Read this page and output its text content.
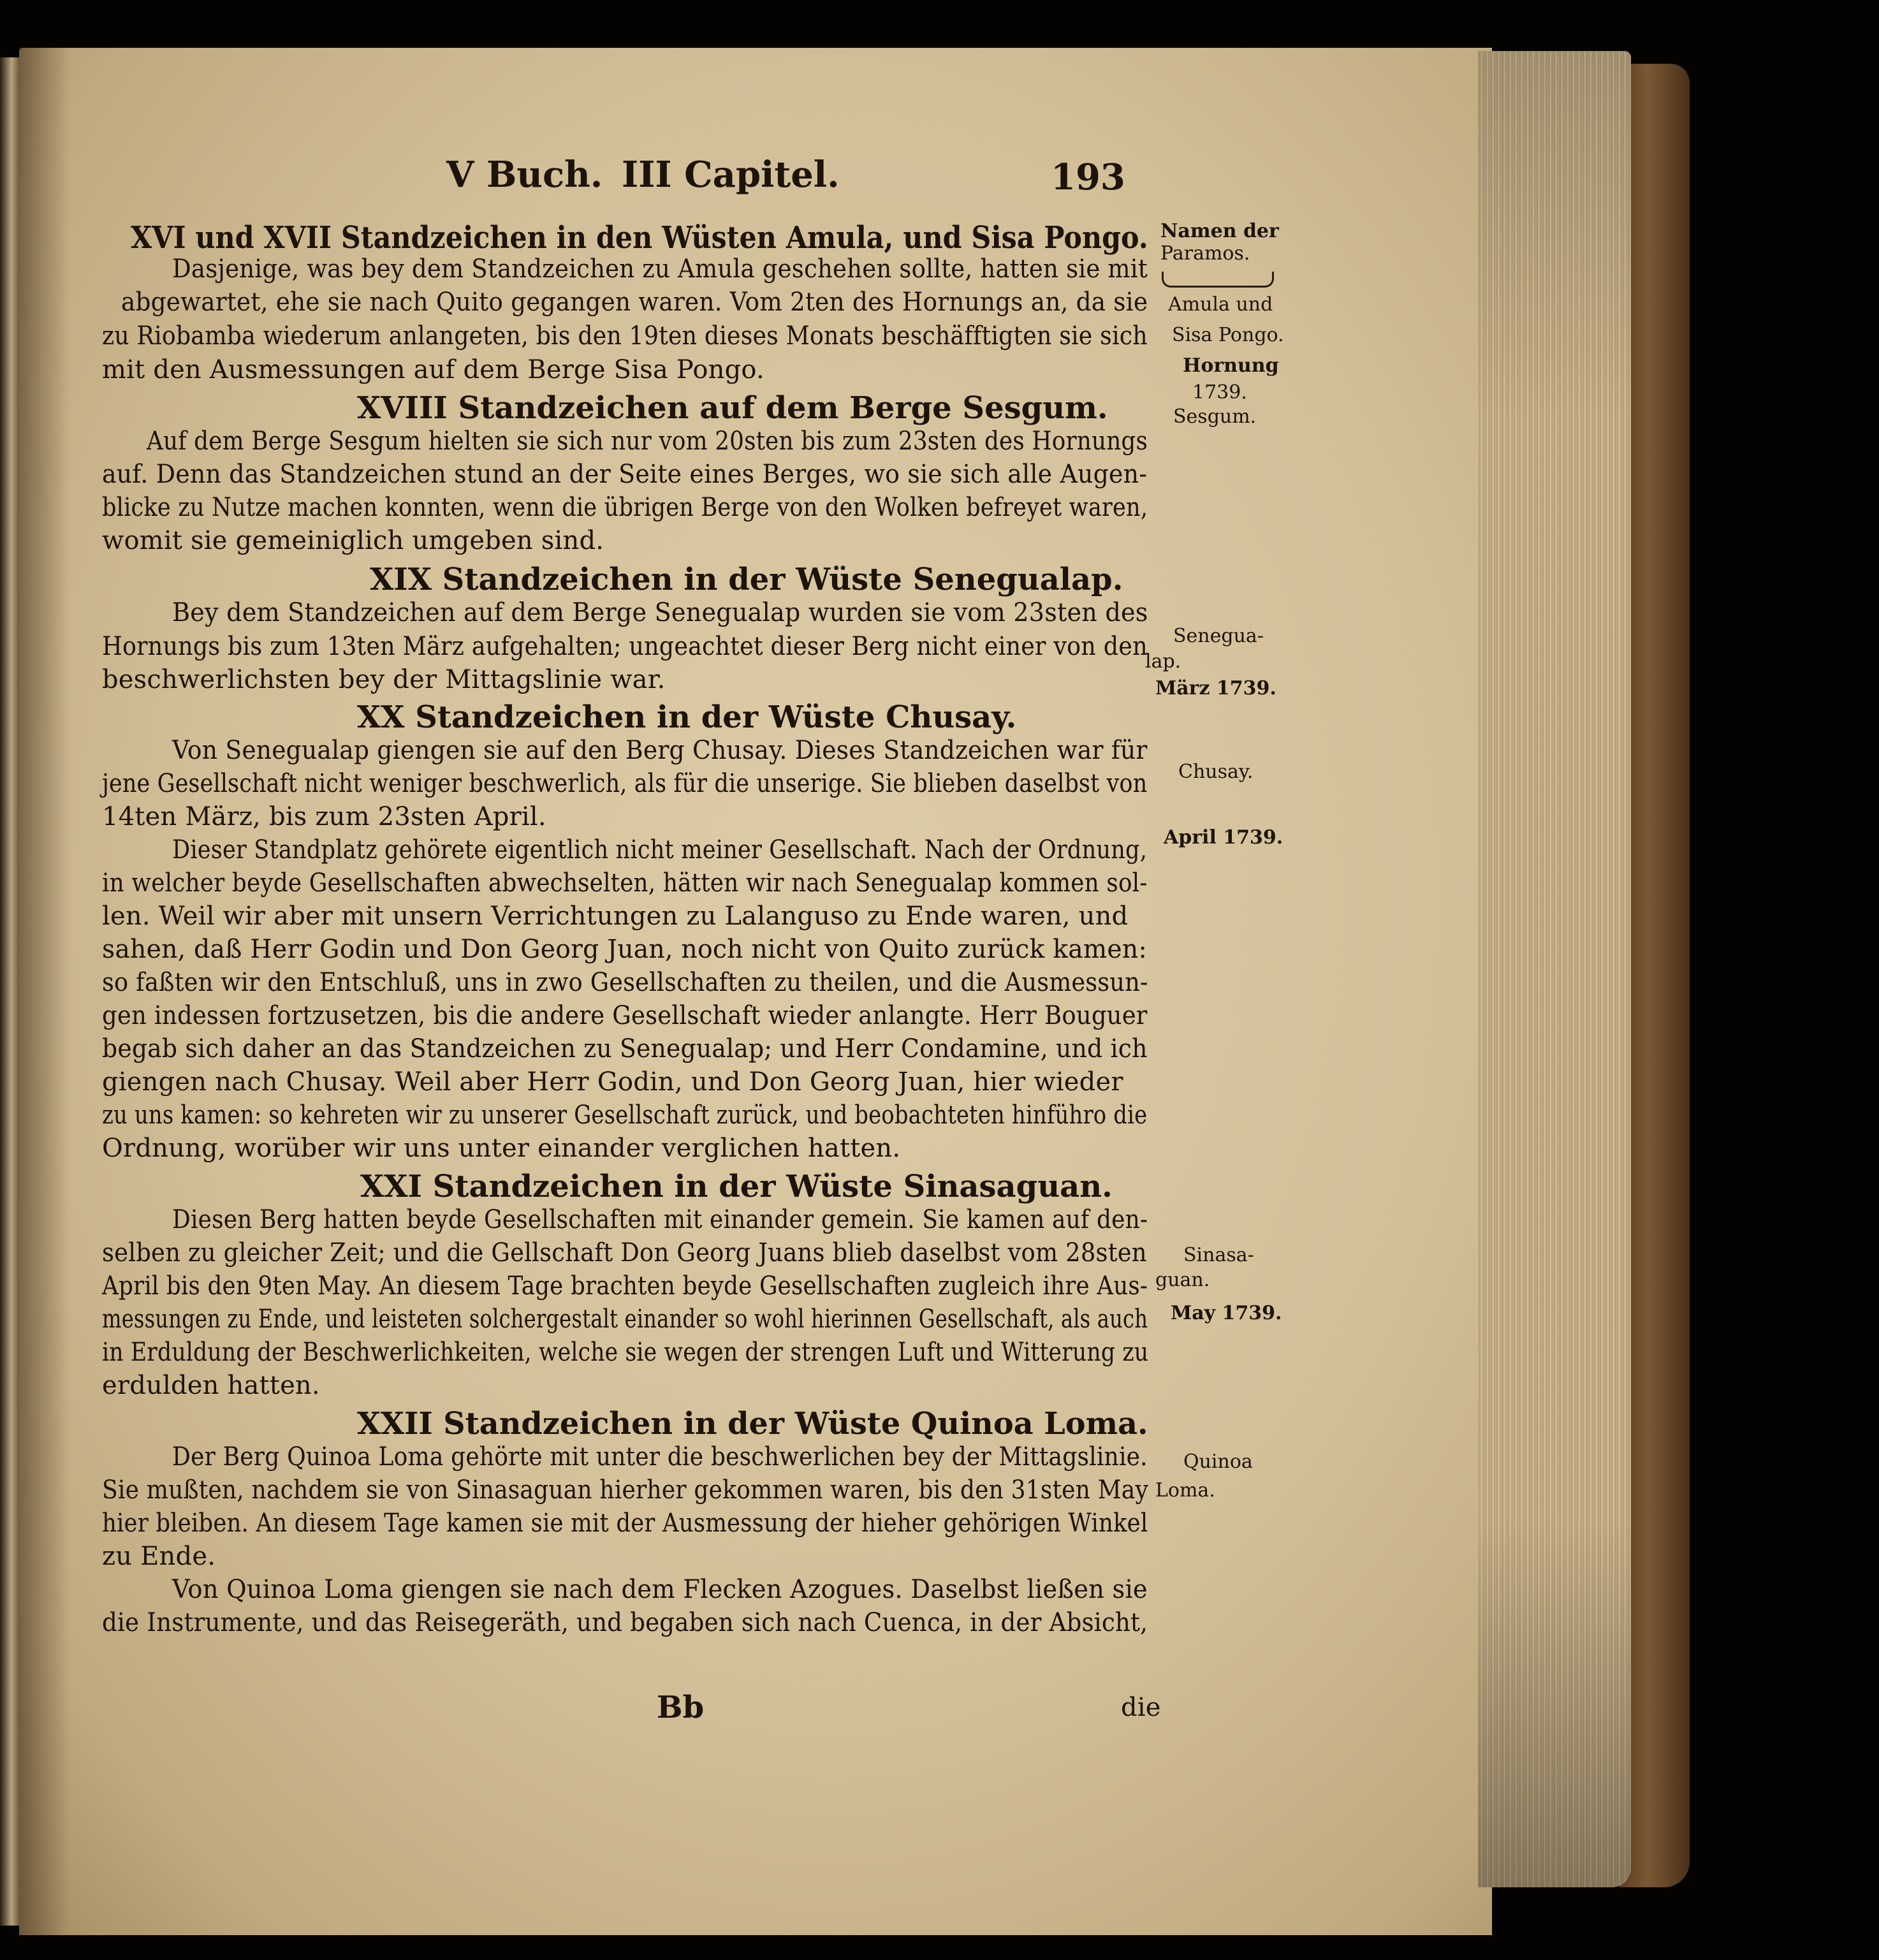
V Buch. III Capitel.	193
XVI und XVII Standzeichen in den Wüsten Amula, und Sisa Pongo.
Dasjenige, was bey dem Standzeichen zu Amula geschehen sollte, hatten sie mit
abgewartet, ehe sie nach Quito gegangen waren. Vom 2ten des Hornungs an, da sie
zu Riobamba wiederum anlangeten, bis den 19ten dieses Monats beschäfftigten sie sich
mit den Ausmessungen auf dem Berge Sisa Pongo.
XVIII Standzeichen auf dem Berge Sesgum.
Auf dem Berge Sesgum hielten sie sich nur vom 20sten bis zum 23sten des Hornungs
auf. Denn das Standzeichen stund an der Seite eines Berges, wo sie sich alle Augen-
blicke zu Nutze machen konnten, wenn die übrigen Berge von den Wolken befreyet waren,
womit sie gemeiniglich umgeben sind.
XIX Standzeichen in der Wüste Senegualap.
Bey dem Standzeichen auf dem Berge Senegualap wurden sie vom 23sten des
Hornungs bis zum 13ten März aufgehalten; ungeachtet dieser Berg nicht einer von den
beschwerlichsten bey der Mittagslinie war.
XX Standzeichen in der Wüste Chusay.
Von Senegualap giengen sie auf den Berg Chusay. Dieses Standzeichen war für
jene Gesellschaft nicht weniger beschwerlich, als für die unserige. Sie blieben daselbst von
14ten März, bis zum 23sten April.
Dieser Standplatz gehörete eigentlich nicht meiner Gesellschaft. Nach der Ordnung,
in welcher beyde Gesellschaften abwechselten, hätten wir nach Senegualap kommen sol-
len. Weil wir aber mit unsern Verrichtungen zu Lalanguso zu Ende waren, und
sahen, daß Herr Godin und Don Georg Juan, noch nicht von Quito zurück kamen:
so faßten wir den Entschluß, uns in zwo Gesellschaften zu theilen, und die Ausmessun-
gen indessen fortzusetzen, bis die andere Gesellschaft wieder anlangte. Herr Bouguer
begab sich daher an das Standzeichen zu Senegualap; und Herr Condamine, und ich
giengen nach Chusay. Weil aber Herr Godin, und Don Georg Juan, hier wieder
zu uns kamen: so kehreten wir zu unserer Gesellschaft zurück, und beobachteten hinführo die
Ordnung, worüber wir uns unter einander verglichen hatten.
XXI Standzeichen in der Wüste Sinasaguan.
Diesen Berg hatten beyde Gesellschaften mit einander gemein. Sie kamen auf den-
selben zu gleicher Zeit; und die Gellschaft Don Georg Juans blieb daselbst vom 28sten
April bis den 9ten May. An diesem Tage brachten beyde Gesellschaften zugleich ihre Aus-
messungen zu Ende, und leisteten solchergestalt einander so wohl hierinnen Gesellschaft, als auch
in Erduldung der Beschwerlichkeiten, welche sie wegen der strengen Luft und Witterung zu
erdulden hatten.
XXII Standzeichen in der Wüste Quinoa Loma.
Der Berg Quinoa Loma gehörte mit unter die beschwerlichen bey der Mittagslinie.
Sie mußten, nachdem sie von Sinasaguan hierher gekommen waren, bis den 31sten May
hier bleiben. An diesem Tage kamen sie mit der Ausmessung der hieher gehörigen Winkel
zu Ende.
Von Quinoa Loma giengen sie nach dem Flecken Azogues. Daselbst ließen sie
die Instrumente, und das Reisegeräth, und begaben sich nach Cuenca, in der Absicht,
Namen der
Paramos.
Amula und
Sisa Pongo.
Hornung
1739.
Sesgum.
Senegua-
lap.
März 1739.
Chusay.
April 1739.
Sinasa-
guan.
May 1739.
Quinoa
Loma.
Bb	die
